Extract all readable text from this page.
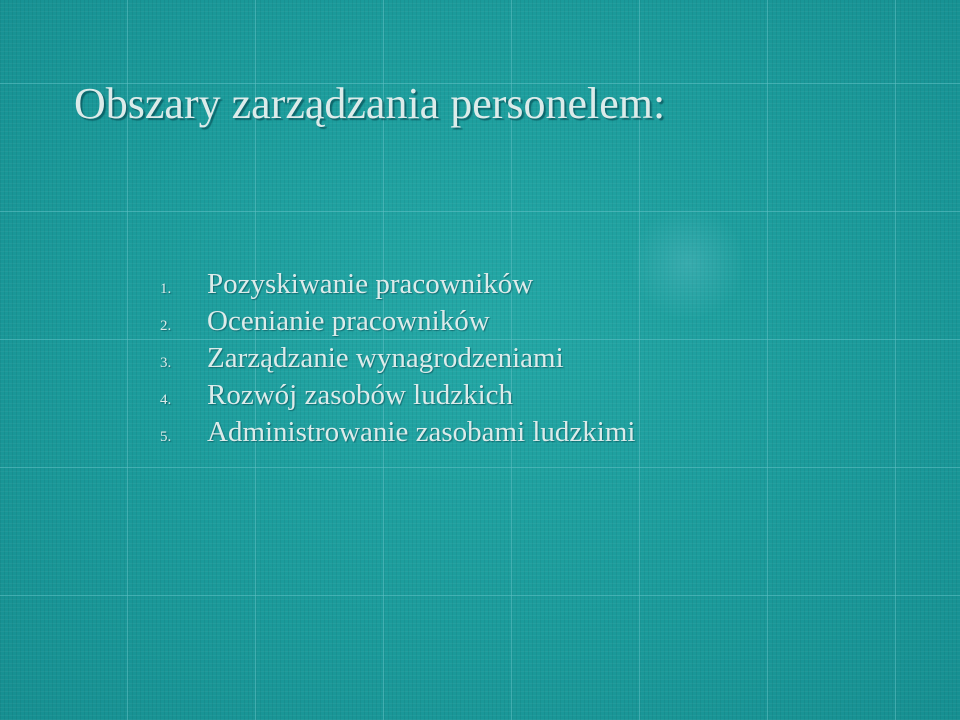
Obszary zarządzania personelem:
1.	Pozyskiwanie pracowników
2.	Ocenianie pracowników
3.	Zarządzanie wynagrodzeniami
4.	Rozwój zasobów ludzkich
5.	Administrowanie zasobami ludzkimi
